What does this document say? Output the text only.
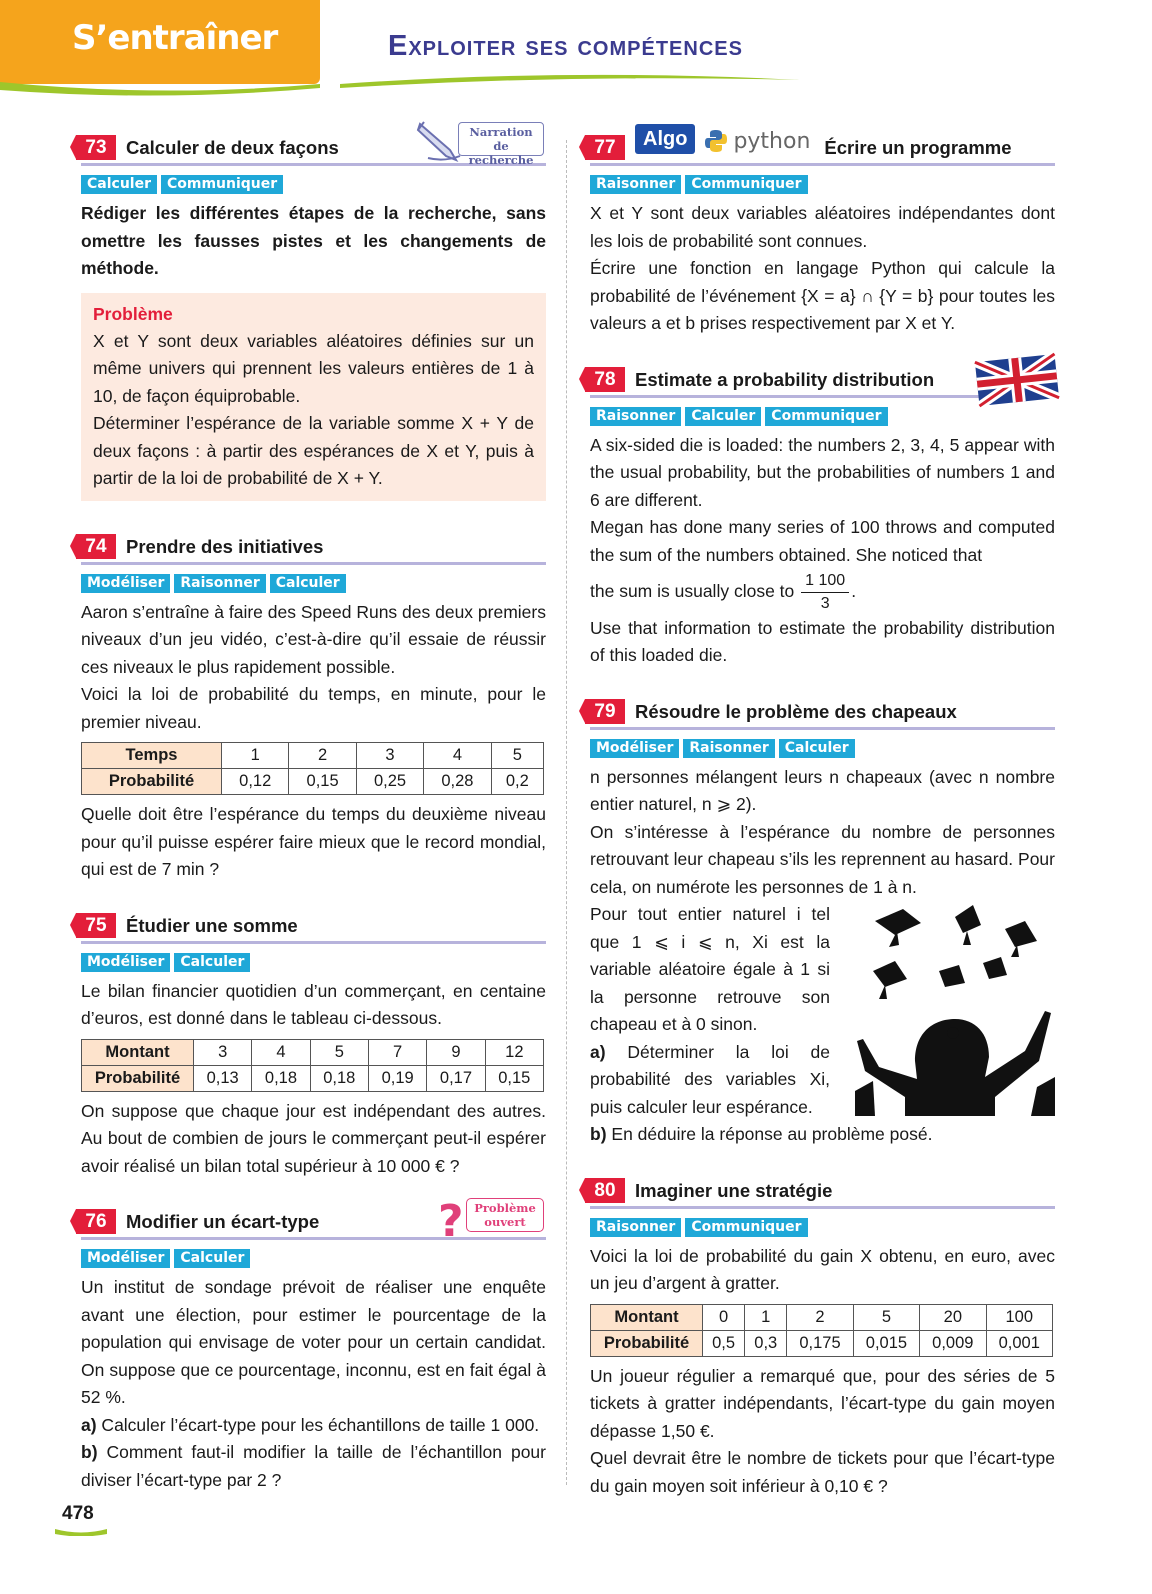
S’entraîner	Exploiter ses compétences
73	Calculer de deux façons
Narration
de recherche
Calculer	Communiquer

Rédiger les différentes étapes de la recherche, sans omettre les fausses pistes et les changements de méthode.

Problème

X et Y sont deux variables aléatoires définies sur un même univers qui prennent les valeurs entières de 1 à 10, de façon équiprobable.

Déterminer l’espérance de la variable somme X + Y de deux façons : à partir des espérances de X et Y, puis à partir de la loi de probabilité de X + Y.

74	Prendre des initiatives
Modéliser	Raisonner	Calculer

Aaron s’entraîne à faire des Speed Runs des deux premiers niveaux d’un jeu vidéo, c’est-à-dire qu’il essaie de réussir ces niveaux le plus rapidement possible.

Voici la loi de probabilité du temps, en minute, pour le premier niveau.

Temps	1	2	3	4	5
Probabilité	0,12	0,15	0,25	0,28	0,2

Quelle doit être l’espérance du temps du deuxième niveau pour qu’il puisse espérer faire mieux que le record mondial, qui est de 7 min ?

75	Étudier une somme
Modéliser	Calculer

Le bilan financier quotidien d’un commerçant, en centaine d’euros, est donné dans le tableau ci-dessous.

Montant	3	4	5	7	9	12
Probabilité	0,13	0,18	0,18	0,19	0,17	0,15

On suppose que chaque jour est indépendant des autres. Au bout de combien de jours le commerçant peut-il espérer avoir réalisé un bilan total supérieur à 10 000 € ?

76	Modifier un écart-type	? Problème
ouvert
Modéliser	Calculer

Un institut de sondage prévoit de réaliser une enquête avant une élection, pour estimer le pourcentage de la population qui envisage de voter pour un certain candidat. On suppose que ce pourcentage, inconnu, est en fait égal à 52 %.

a) Calculer l’écart-type pour les échantillons de taille 1 000.

b) Comment faut-il modifier la taille de l’échantillon pour diviser l’écart-type par 2 ?

77	Algo	python Écrire un programme
Raisonner	Communiquer

X et Y sont deux variables aléatoires indépendantes dont les lois de probabilité sont connues.

Écrire une fonction en langage Python qui calcule la probabilité de l’événement {X = a} ∩ {Y = b} pour toutes les valeurs a et b prises respectivement par X et Y.

78	Estimate a probability distribution
Raisonner	Calculer	Communiquer

A six-sided die is loaded: the numbers 2, 3, 4, 5 appear with the usual probability, but the probabilities of numbers 1 and 6 are different.

Megan has done many series of 100 throws and computed the sum of the numbers obtained. She noticed that

the sum is usually close to $\frac{1 100}{3}$ .

Use that information to estimate the probability distribution of this loaded die.

79	Résoudre le problème des chapeaux
Modéliser	Raisonner	Calculer

n personnes mélangent leurs n chapeaux (avec n nombre entier naturel, n ⩾ 2).

On s’intéresse à l’espérance du nombre de personnes retrouvant leur chapeau s’ils les reprennent au hasard. Pour cela, on numérote les personnes de 1 à n.

Pour tout entier naturel i tel que 1 ⩽ i ⩽ n, Xi est la variable aléatoire égale à 1 si la personne retrouve son chapeau et à 0 sinon.

a) Déterminer la loi de probabilité des variables Xi, puis calculer leur espérance.

b) En déduire la réponse au problème posé.

80	Imaginer une stratégie
Raisonner	Communiquer

Voici la loi de probabilité du gain X obtenu, en euro, avec un jeu d’argent à gratter.

Montant	0	1	2	5	20	100
Probabilité	0,5	0,3	0,175	0,015	0,009	0,001

Un joueur régulier a remarqué que, pour des séries de 5 tickets à gratter indépendants, l’écart-type du gain moyen dépasse 1,50 €.

Quel devrait être le nombre de tickets pour que l’écart-type du gain moyen soit inférieur à 0,10 € ?

478
